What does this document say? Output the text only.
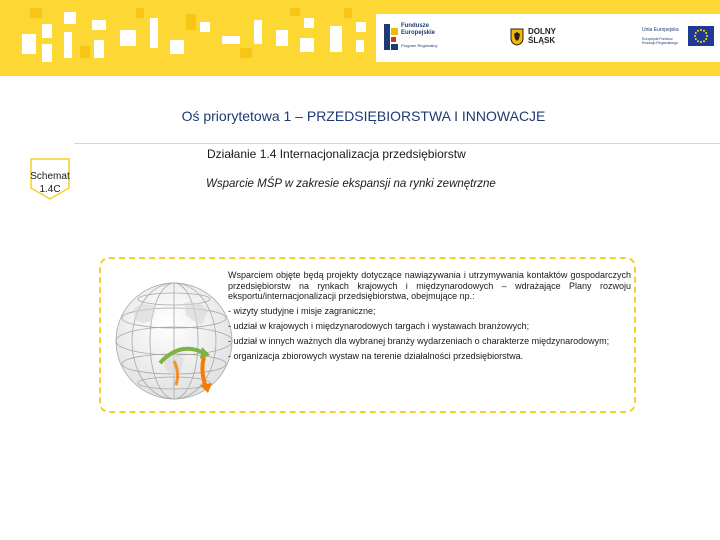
Fundusze
Europejskie
Program Regionalny
DOLNY
ŚLĄSK
Unia Europejska
Europejski Fundusz Rozwoju Regionalnego
Oś priorytetowa 1 – PRZEDSIĘBIORSTWA I INNOWACJE
Działanie 1.4 Internacjonalizacja przedsiębiorstw
Schemat
1.4C	Wsparcie MŚP w zakresie ekspansji na rynki zewnętrzne

Wsparciem objęte będą projekty dotyczące nawiązywania i utrzymywania kontaktów gospodarczych przedsiębiorstw na rynkach krajowych i międzynarodowych – wdrażające Plany rozwoju eksportu/internacjonalizacji przedsiębiorstwa, obejmujące np.:

- wizyty studyjne i misje zagraniczne;

- udział w krajowych i międzynarodowych targach i wystawach branżowych;

- udział w innych ważnych dla wybranej branży wydarzeniach o charakterze międzynarodowym;

- organizacja zbiorowych wystaw na terenie działalności przedsiębiorstwa.
